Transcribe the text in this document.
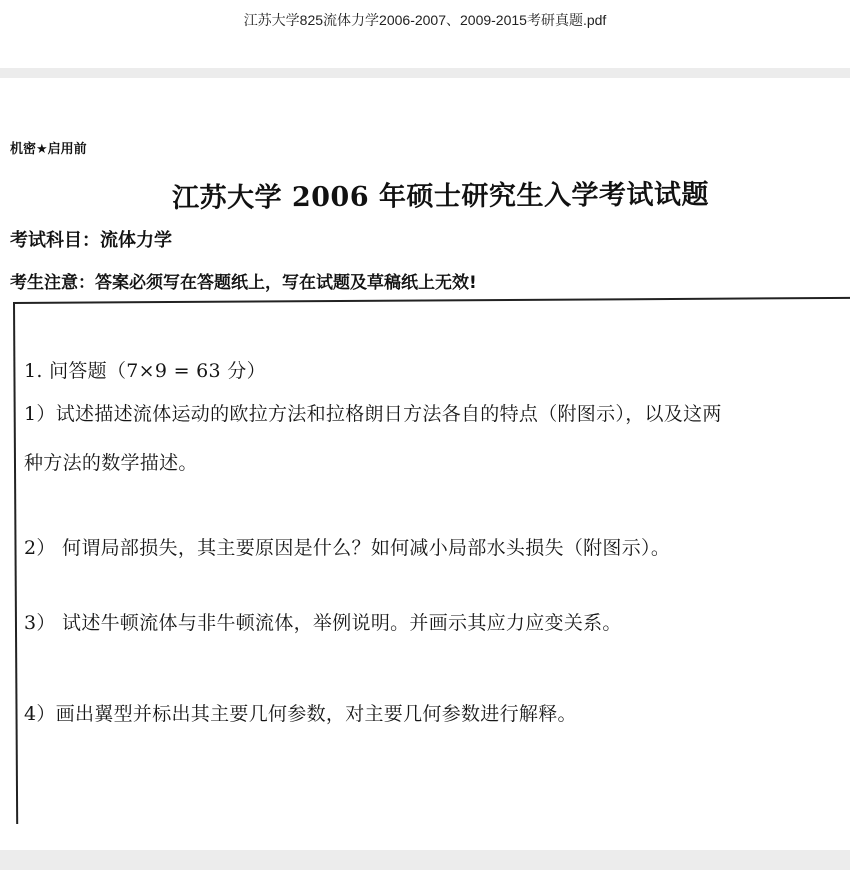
江苏大学825流体力学2006-2007、2009-2015考研真题.pdf
机密★启用前
江苏大学 2006 年硕士研究生入学考试试题
考试科目：流体力学
考生注意：答案必须写在答题纸上，写在试题及草稿纸上无效!
1. 问答题（7×9 = 63 分）
1）试述描述流体运动的欧拉方法和拉格朗日方法各自的特点（附图示），以及这两
种方法的数学描述。
2） 何谓局部损失，其主要原因是什么？如何减小局部水头损失（附图示）。
3） 试述牛顿流体与非牛顿流体，举例说明。并画示其应力应变关系。
4）画出翼型并标出其主要几何参数，对主要几何参数进行解释。
